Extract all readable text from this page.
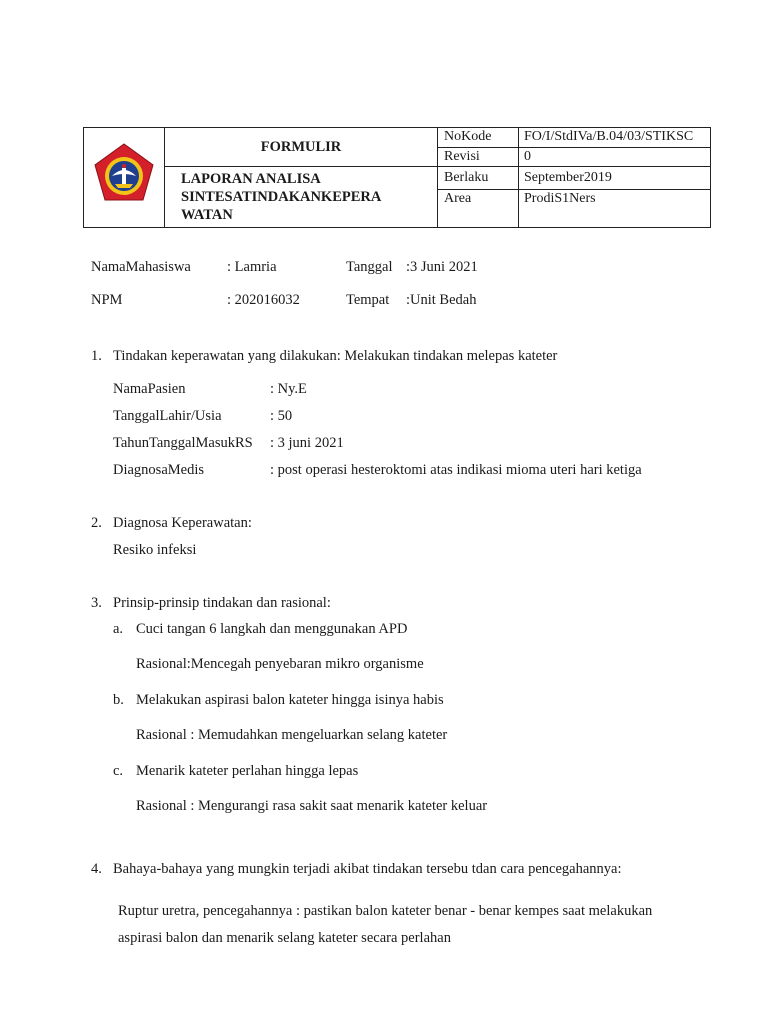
	FORMULIR	NoKode	FO/I/StdIVa/B.04/03/STIKSC
		Revisi	0

	LAPORAN ANALISA
SINTESATINDAKANKEPERA
WATAN	Berlaku	September2019
		Area	ProdiS1Ners
NamaMahasiswa : Lamria	Tanggal :3 Juni 2021
NPM	: 202016032	Tempat :Unit Bedah
1. Tindakan keperawatan yang dilakukan: Melakukan tindakan melepas kateter
NamaPasien	: Ny.E
TanggalLahir/Usia	: 50
TahunTanggalMasukRS : 3 juni 2021
DiagnosaMedis	: post operasi hesteroktomi atas indikasi mioma uteri hari ketiga
2. Diagnosa Keperawatan:
Resiko infeksi
3. Prinsip-prinsip tindakan dan rasional:
a. Cuci tangan 6 langkah dan menggunakan APD
Rasional:Mencegah penyebaran mikro organisme
b. Melakukan aspirasi balon kateter hingga isinya habis
Rasional : Memudahkan mengeluarkan selang kateter
c. Menarik kateter perlahan hingga lepas
Rasional : Mengurangi rasa sakit saat menarik kateter keluar
4. Bahaya-bahaya yang mungkin terjadi akibat tindakan tersebu tdan cara pencegahannya:
Ruptur uretra, pencegahannya : pastikan balon kateter benar - benar kempes saat melakukan
aspirasi balon dan menarik selang kateter secara perlahan
